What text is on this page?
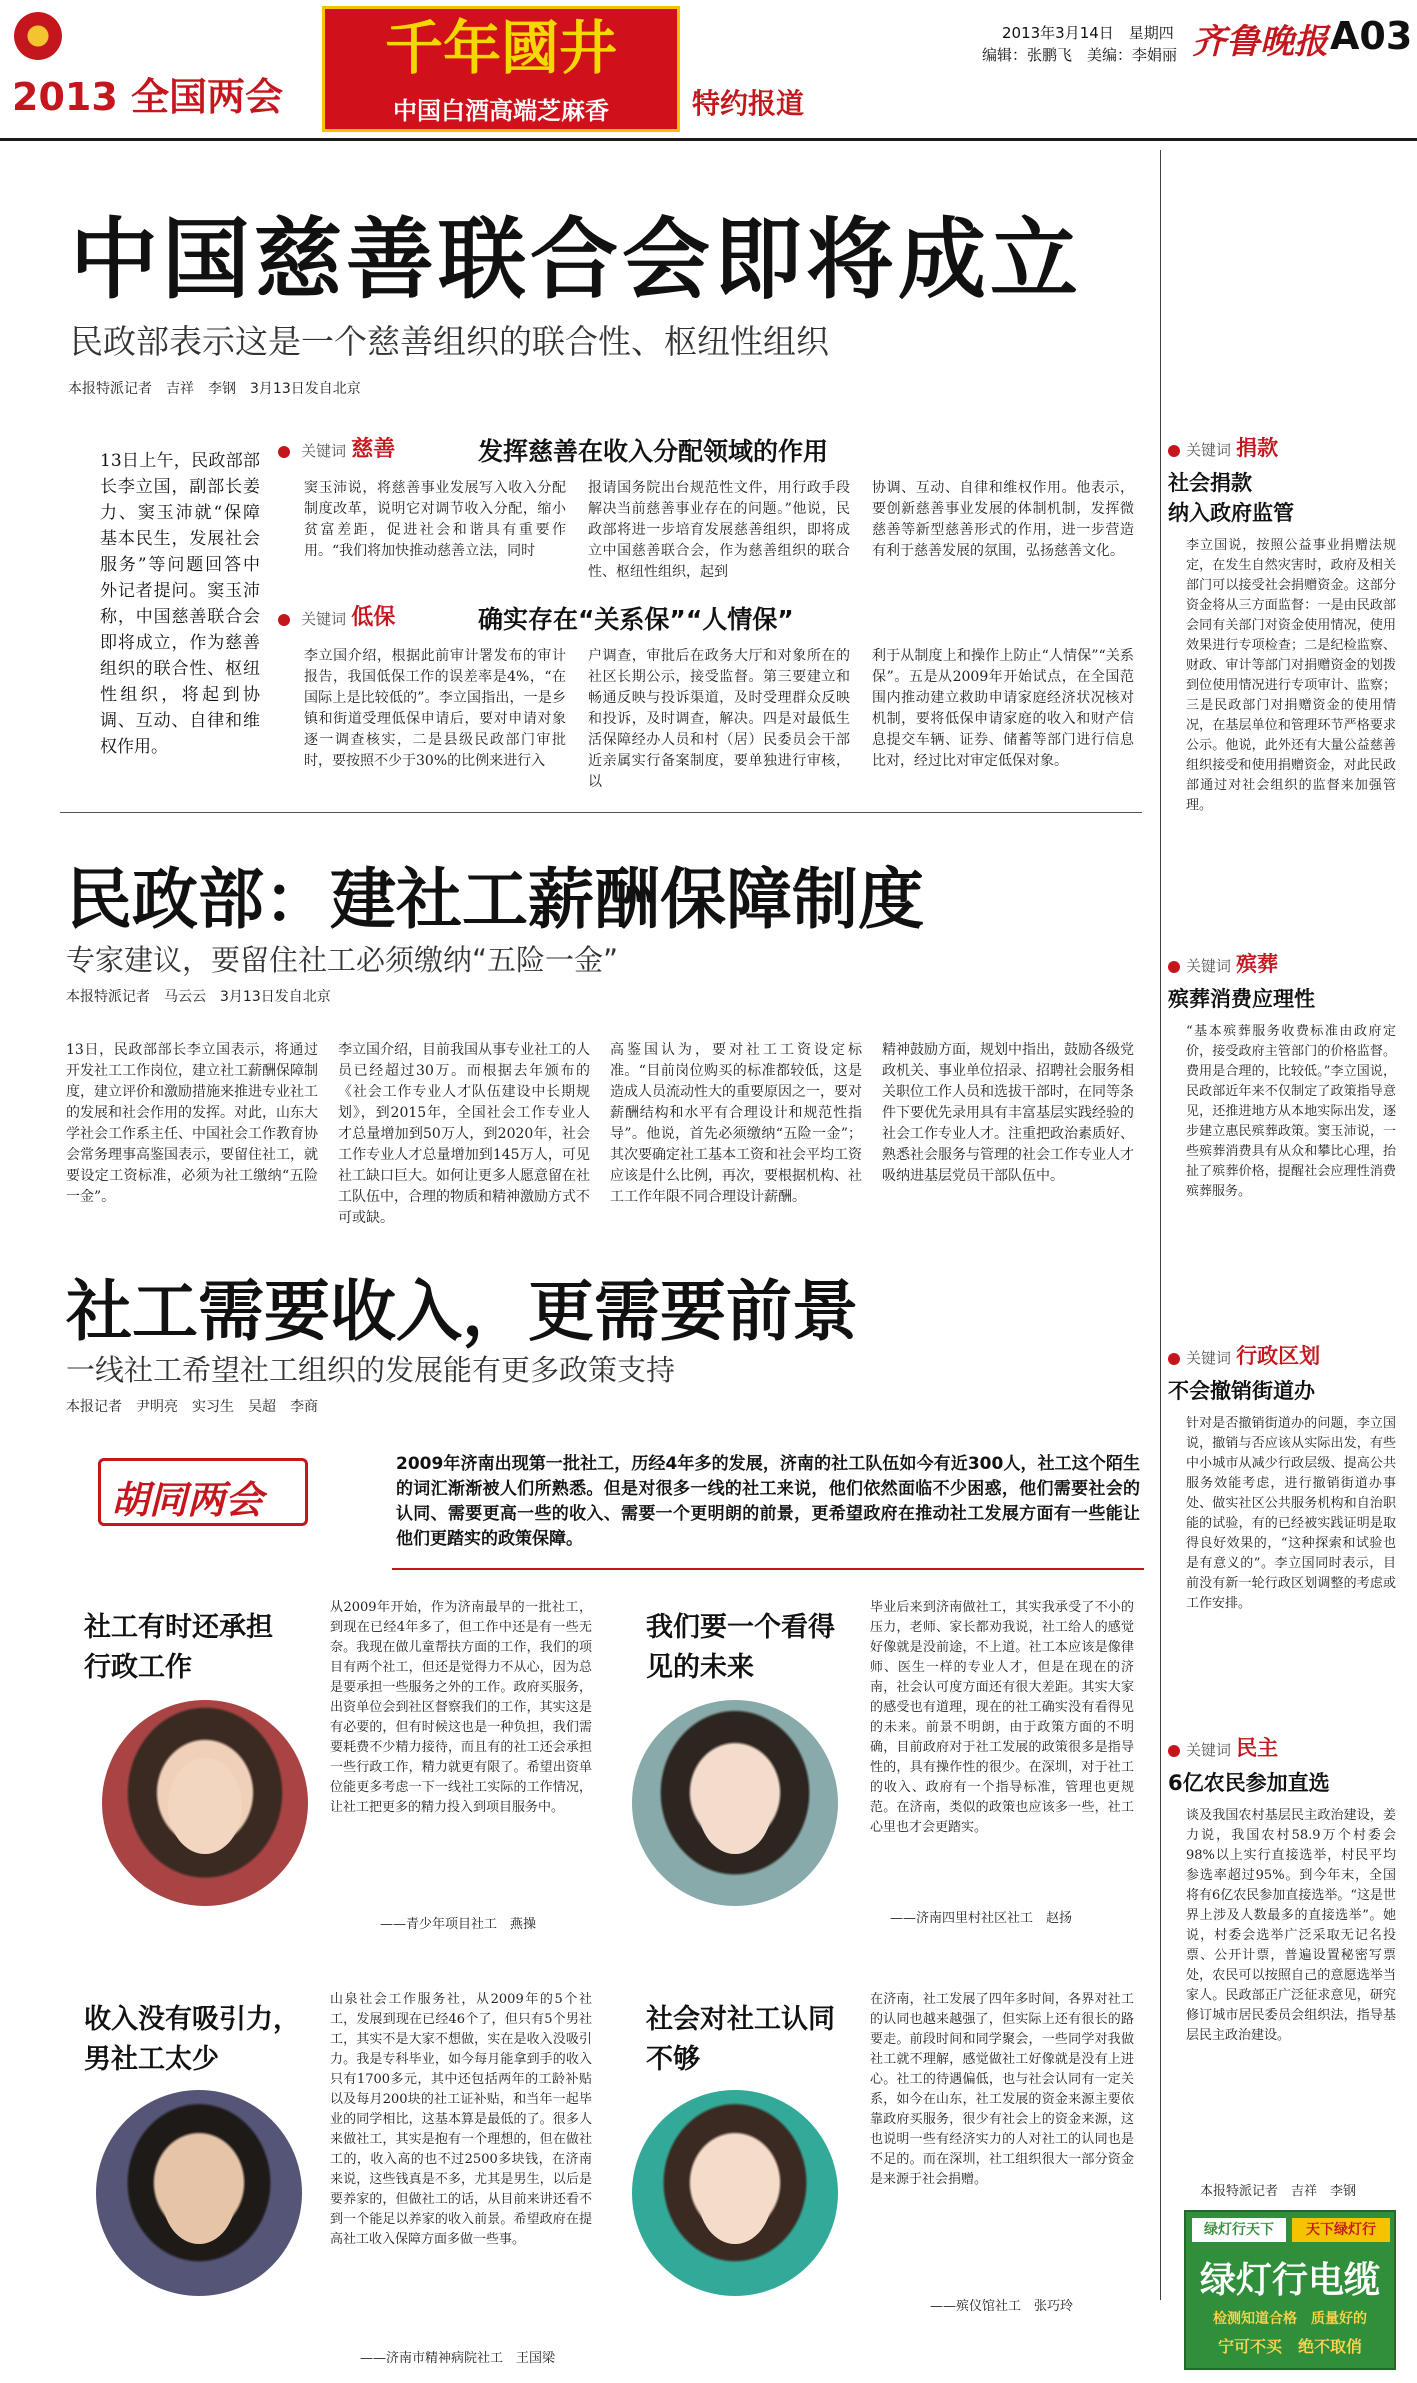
2013 全国两会
千年國井
中国白酒高端芝麻香	特约报道
2013年3月14日　星期四
编辑：张鹏飞　美编：李娟丽 齐鲁晚报 A03
中国慈善联合会即将成立
民政部表示这是一个慈善组织的联合性、枢纽性组织
本报特派记者　吉祥　李钢　3月13日发自北京
13日上午，民政部部长李立国，副部长姜力、窦玉沛就“保障基本民生，发展社会服务”等问题回答中外记者提问。窦玉沛称，中国慈善联合会即将成立，作为慈善组织的联合性、枢纽性组织，将起到协调、互动、自律和维权作用。
关键词 慈善	发挥慈善在收入分配领域的作用
窦玉沛说，将慈善事业发展写入收入分配制度改革，说明它对调节收入分配，缩小贫富差距，促进社会和谐具有重要作用。“我们将加快推动慈善立法，同时
报请国务院出台规范性文件，用行政手段解决当前慈善事业存在的问题。”他说，民政部将进一步培育发展慈善组织，即将成立中国慈善联合会，作为慈善组织的联合性、枢纽性组织，起到
协调、互动、自律和维权作用。他表示，要创新慈善事业发展的体制机制，发挥微慈善等新型慈善形式的作用，进一步营造有利于慈善发展的氛围，弘扬慈善文化。
关键词 低保	确实存在“关系保”“人情保”
李立国介绍，根据此前审计署发布的审计报告，我国低保工作的误差率是4%，“在国际上是比较低的”。李立国指出，一是乡镇和街道受理低保申请后，要对申请对象逐一调查核实，二是县级民政部门审批时，要按照不少于30%的比例来进行入
户调查，审批后在政务大厅和对象所在的社区长期公示，接受监督。第三要建立和畅通反映与投诉渠道，及时受理群众反映和投诉，及时调查，解决。四是对最低生活保障经办人员和村（居）民委员会干部近亲属实行备案制度，要单独进行审核，以
利于从制度上和操作上防止“人情保”“关系保”。五是从2009年开始试点，在全国范围内推动建立救助申请家庭经济状况核对机制，要将低保申请家庭的收入和财产信息提交车辆、证券、储蓄等部门进行信息比对，经过比对审定低保对象。
民政部：建社工薪酬保障制度
专家建议，要留住社工必须缴纳“五险一金”
本报特派记者　马云云　3月13日发自北京
13日，民政部部长李立国表示，将通过开发社工工作岗位，建立社工薪酬保障制度，建立评价和激励措施来推进专业社工的发展和社会作用的发挥。对此，山东大学社会工作系主任、中国社会工作教育协会常务理事高鉴国表示，要留住社工，就要设定工资标准，必须为社工缴纳“五险一金”。
李立国介绍，目前我国从事专业社工的人员已经超过30万。而根据去年颁布的《社会工作专业人才队伍建设中长期规划》，到2015年，全国社会工作专业人才总量增加到50万人，到2020年，社会工作专业人才总量增加到145万人，可见社工缺口巨大。如何让更多人愿意留在社工队伍中，合理的物质和精神激励方式不可或缺。
高鉴国认为，要对社工工资设定标准。“目前岗位购买的标准都较低，这是造成人员流动性大的重要原因之一，要对薪酬结构和水平有合理设计和规范性指导”。他说，首先必须缴纳“五险一金”；其次要确定社工基本工资和社会平均工资应该是什么比例，再次，要根据机构、社工工作年限不同合理设计薪酬。
精神鼓励方面，规划中指出，鼓励各级党政机关、事业单位招录、招聘社会服务相关职位工作人员和选拔干部时，在同等条件下要优先录用具有丰富基层实践经验的社会工作专业人才。注重把政治素质好、熟悉社会服务与管理的社会工作专业人才吸纳进基层党员干部队伍中。
社工需要收入，更需要前景
一线社工希望社工组织的发展能有更多政策支持
本报记者　尹明亮　实习生　吴超　李商
胡同两会
2009年济南出现第一批社工，历经4年多的发展，济南的社工队伍如今有近300人，社工这个陌生的词汇渐渐被人们所熟悉。但是对很多一线的社工来说，他们依然面临不少困惑，他们需要社会的认同、需要更高一些的收入、需要一个更明朗的前景，更希望政府在推动社工发展方面有一些能让他们更踏实的政策保障。
社工有时还承担行政工作
从2009年开始，作为济南最早的一批社工，到现在已经4年多了，但工作中还是有一些无奈。我现在做儿童帮扶方面的工作，我们的项目有两个社工，但还是觉得力不从心，因为总是要承担一些服务之外的工作。政府买服务，出资单位会到社区督察我们的工作，其实这是有必要的，但有时候这也是一种负担，我们需要耗费不少精力接待，而且有的社工还会承担一些行政工作，精力就更有限了。希望出资单位能更多考虑一下一线社工实际的工作情况，让社工把更多的精力投入到项目服务中。
——青少年项目社工　燕操
我们要一个看得见的未来
毕业后来到济南做社工，其实我承受了不小的压力，老师、家长都劝我说，社工给人的感觉好像就是没前途，不上道。社工本应该是像律师、医生一样的专业人才，但是在现在的济南，社会认可度方面还有很大差距。其实大家的感受也有道理，现在的社工确实没有看得见的未来。前景不明朗，由于政策方面的不明确，目前政府对于社工发展的政策很多是指导性的，具有操作性的很少。在深圳，对于社工的收入、政府有一个指导标准，管理也更规范。在济南，类似的政策也应该多一些，社工心里也才会更踏实。
——济南四里村社区社工　赵扬
收入没有吸引力，男社工太少
山泉社会工作服务社，从2009年的5个社工，发展到现在已经46个了，但只有5个男社工，其实不是大家不想做，实在是收入没吸引力。我是专科毕业，如今每月能拿到手的收入只有1700多元，其中还包括两年的工龄补贴以及每月200块的社工证补贴，和当年一起毕业的同学相比，这基本算是最低的了。很多人来做社工，其实是抱有一个理想的，但在做社工的，收入高的也不过2500多块钱，在济南来说，这些钱真是不多，尤其是男生，以后是要养家的，但做社工的话，从目前来讲还看不到一个能足以养家的收入前景。希望政府在提高社工收入保障方面多做一些事。
——济南市精神病院社工　王国梁
社会对社工认同不够
在济南，社工发展了四年多时间，各界对社工的认同也越来越强了，但实际上还有很长的路要走。前段时间和同学聚会，一些同学对我做社工就不理解，感觉做社工好像就是没有上进心。社工的待遇偏低，也与社会认同有一定关系，如今在山东，社工发展的资金来源主要依靠政府买服务，很少有社会上的资金来源，这也说明一些有经济实力的人对社工的认同也是不足的。而在深圳，社工组织很大一部分资金是来源于社会捐赠。
——殡仪馆社工　张巧玲
关键词 捐款
社会捐款
纳入政府监管
李立国说，按照公益事业捐赠法规定，在发生自然灾害时，政府及相关部门可以接受社会捐赠资金。这部分资金将从三方面监督：一是由民政部会同有关部门对资金使用情况，使用效果进行专项检查；二是纪检监察、财政、审计等部门对捐赠资金的划拨到位使用情况进行专项审计、监察；三是民政部门对捐赠资金的使用情况，在基层单位和管理环节严格要求公示。他说，此外还有大量公益慈善组织接受和使用捐赠资金，对此民政部通过对社会组织的监督来加强管理。
关键词 殡葬
殡葬消费应理性
“基本殡葬服务收费标准由政府定价，接受政府主管部门的价格监督。费用是合理的，比较低。”李立国说，民政部近年来不仅制定了政策指导意见，还推进地方从本地实际出发，逐步建立惠民殡葬政策。窦玉沛说，一些殡葬消费具有从众和攀比心理，抬扯了殡葬价格，提醒社会应理性消费殡葬服务。
关键词 行政区划
不会撤销街道办
针对是否撤销街道办的问题，李立国说，撤销与否应该从实际出发，有些中小城市从减少行政层级、提高公共服务效能考虑，进行撤销街道办事处、做实社区公共服务机构和自治职能的试验，有的已经被实践证明是取得良好效果的，“这种探索和试验也是有意义的”。李立国同时表示，目前没有新一轮行政区划调整的考虑或工作安排。
关键词 民主
6亿农民参加直选
谈及我国农村基层民主政治建设，姜力说，我国农村58.9万个村委会98%以上实行直接选举，村民平均参选率超过95%。到今年末，全国将有6亿农民参加直接选举。“这是世界上涉及人数最多的直接选举”。她说，村委会选举广泛采取无记名投票、公开计票，普遍设置秘密写票处，农民可以按照自己的意愿选举当家人。民政部正广泛征求意见，研究修订城市居民委员会组织法，指导基层民主政治建设。
本报特派记者　吉祥　李钢
绿灯行天下	天下绿灯行
绿灯行电缆
检测知道合格　质量好的
宁可不买　绝不取俏
